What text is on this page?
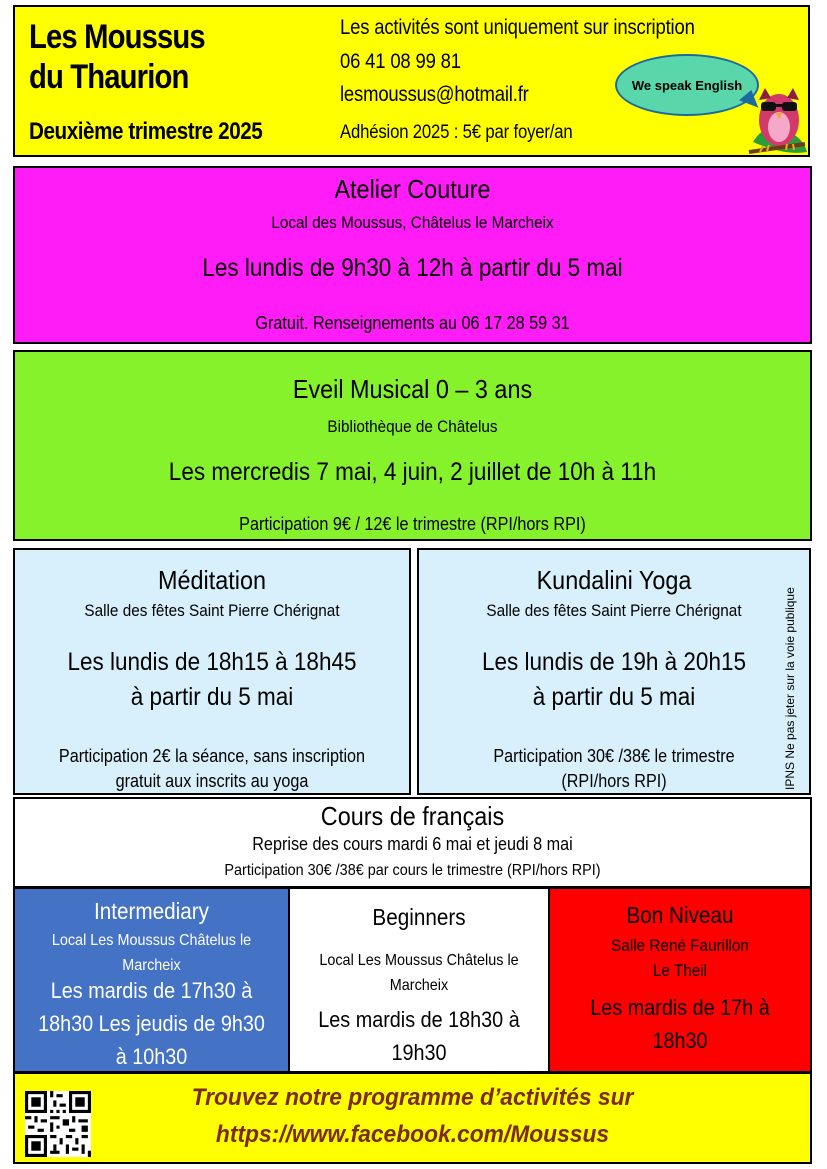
Les Moussus
du Thaurion
Deuxième trimestre 2025
Les activités sont uniquement sur inscription
06 41 08 99 81
lesmoussus@hotmail.fr
Adhésion 2025 : 5€ par foyer/an
We speak English
Atelier Couture
Local des Moussus, Châtelus le Marcheix
Les lundis de 9h30 à 12h à partir du 5 mai
Gratuit. Renseignements au 06 17 28 59 31
Eveil Musical 0 – 3 ans
Bibliothèque de Châtelus
Les mercredis 7 mai, 4 juin, 2 juillet de 10h à 11h
Participation 9€ / 12€ le trimestre (RPI/hors RPI)
Méditation
Salle des fêtes Saint Pierre Chérignat
Les lundis de 18h15 à 18h45
à partir du 5 mai
Participation 2€ la séance, sans inscription
gratuit aux inscrits au yoga
Kundalini Yoga
Salle des fêtes Saint Pierre Chérignat
Les lundis de 19h à 20h15
à partir du 5 mai
Participation 30€ /38€ le trimestre
(RPI/hors RPI)	IPNS Ne pas jeter sur la voie publique
Cours de français
Reprise des cours mardi 6 mai et jeudi 8 mai
Participation 30€ /38€ par cours le trimestre (RPI/hors RPI)
Intermediary
Local Les Moussus Châtelus le
Marcheix
Les mardis de 17h30 à
18h30 Les jeudis de 9h30
à 10h30
Beginners
Local Les Moussus Châtelus le
Marcheix
Les mardis de 18h30 à
19h30
Bon Niveau
Salle René Faurillon
Le Theil
Les mardis de 17h à
18h30
Trouvez notre programme d’activités sur
https://www.facebook.com/Moussus
